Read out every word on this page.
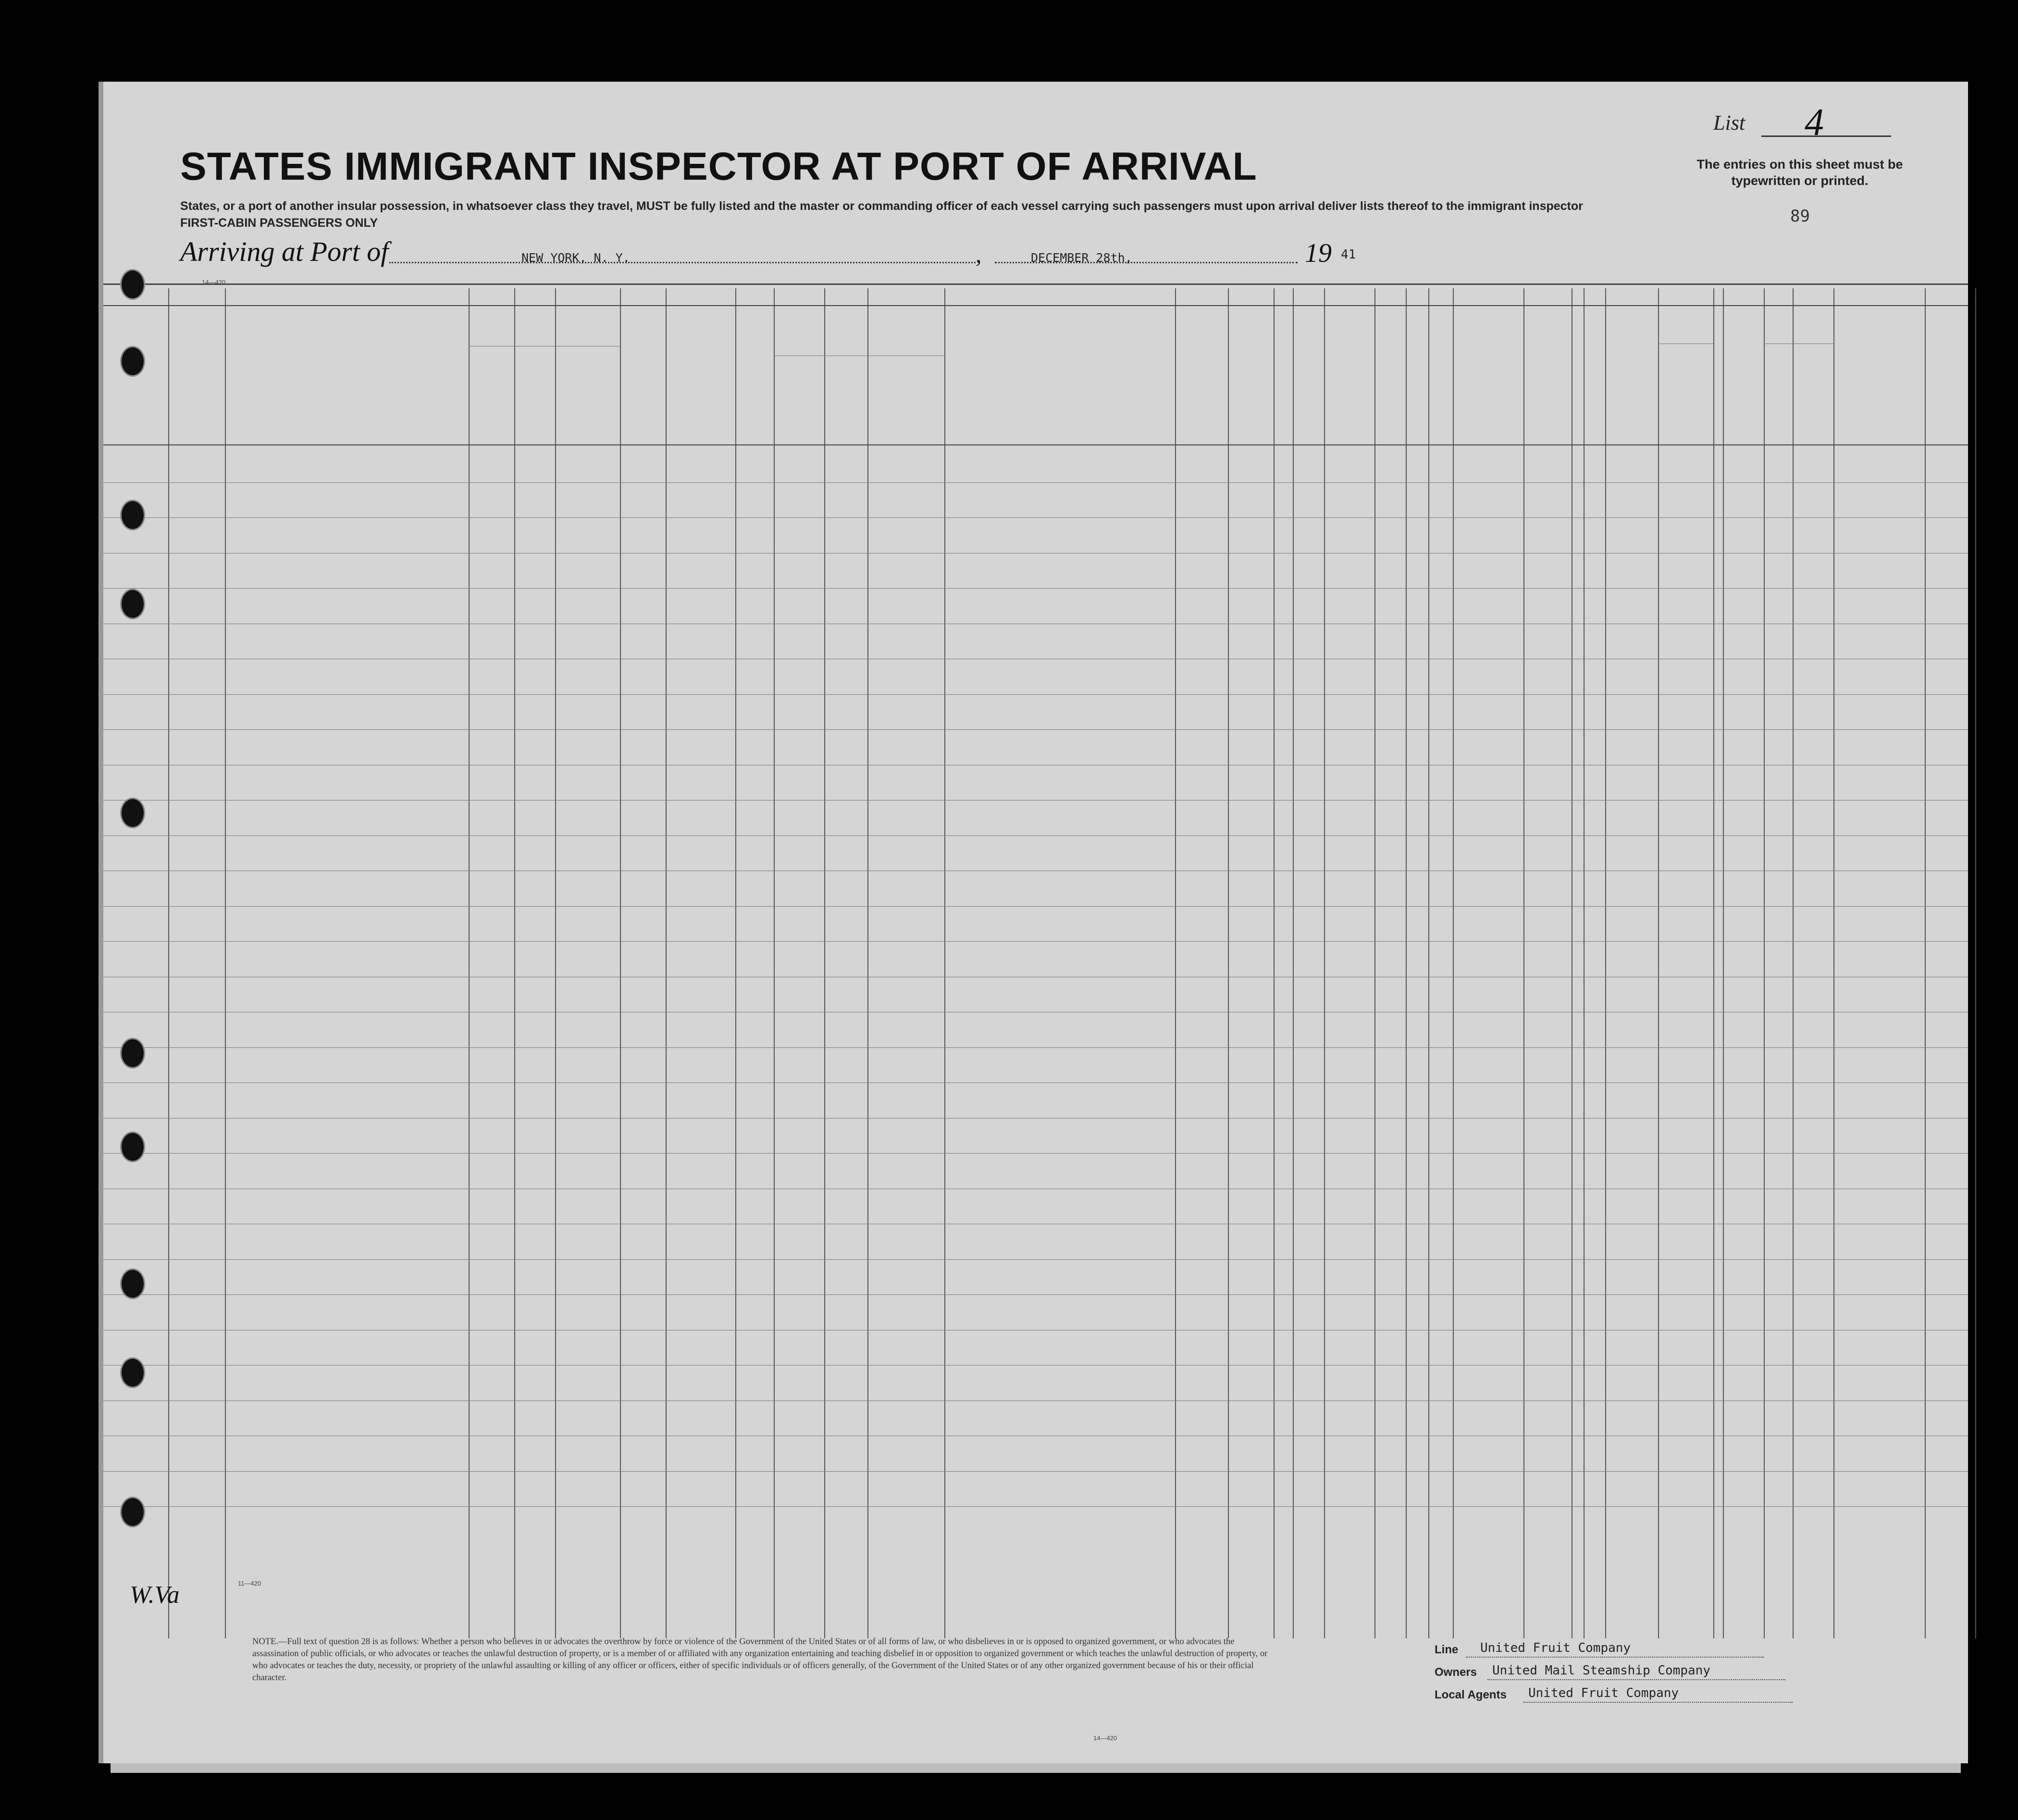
STATES IMMIGRANT INSPECTOR AT PORT OF ARRIVAL
States, or a port of another insular possession, in whatsoever class they travel, MUST be fully listed and the master or commanding officer of each vessel carrying such passengers must upon arrival deliver lists thereof to the immigrant inspector
FIRST-CABIN PASSENGERS ONLY
List 4
The entries on this sheet must be typewritten or printed.
89
Arriving at Port of	NEW YORK, N. Y.	,	DECEMBER 28th,	19 41
14—420
11—420
W.Va
NOTE.—Full text of question 28 is as follows: Whether a person who believes in or advocates the overthrow by force or violence of the Government of the United States or of all forms of law, or who disbelieves in or is opposed to organized government, or who advocates the assassination of public officials, or who advocates or teaches the unlawful destruction of property, or is a member of or affiliated with any organization entertaining and teaching disbelief in or opposition to organized government or which teaches the unlawful destruction of property, or who advocates or teaches the duty, necessity, or propriety of the unlawful assaulting or killing of any officer or officers, either of specific individuals or of officers generally, of the Government of the United States or of any other organized government because of his or their official character.
14—420
Line United Fruit Company
Owners United Mail Steamship Company
Local Agents United Fruit Company
